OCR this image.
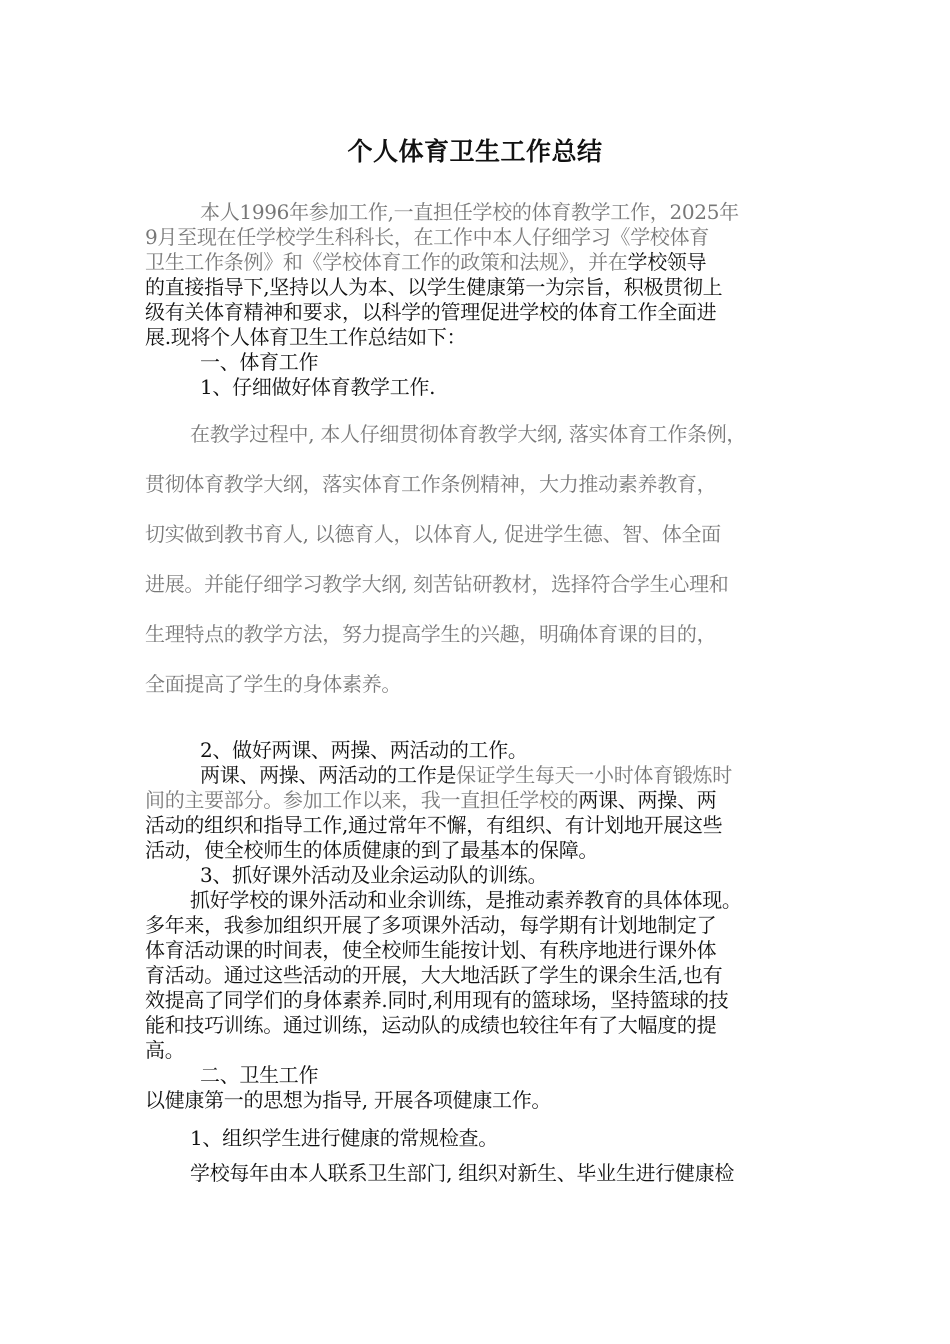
个人体育卫生工作总结
本人1996年参加工作,一直担任学校的体育教学工作，2025年
9月至现在任学校学生科科长，在工作中本人仔细学习《学校体育
卫生工作条例》和《学校体育工作的政策和法规》，并在学校领导
的直接指导下,坚持以人为本、以学生健康第一为宗旨，积极贯彻上
级有关体育精神和要求，以科学的管理促进学校的体育工作全面进
展.现将个人体育卫生工作总结如下：
一、体育工作
1、仔细做好体育教学工作.
在教学过程中, 本人仔细贯彻体育教学大纲, 落实体育工作条例，
贯彻体育教学大纲，落实体育工作条例精神，大力推动素养教育，
切实做到教书育人, 以德育人，以体育人, 促进学生德、智、体全面
进展。并能仔细学习教学大纲, 刻苦钻研教材，选择符合学生心理和
生理特点的教学方法，努力提高学生的兴趣，明确体育课的目的，
全面提高了学生的身体素养。
2、做好两课、两操、两活动的工作。
两课、两操、两活动的工作是保证学生每天一小时体育锻炼时
间的主要部分。参加工作以来，我一直担任学校的两课、两操、两
活动的组织和指导工作,通过常年不懈，有组织、有计划地开展这些
活动，使全校师生的体质健康的到了最基本的保障。
3、抓好课外活动及业余运动队的训练。
抓好学校的课外活动和业余训练，是推动素养教育的具体体现。
多年来，我参加组织开展了多项课外活动，每学期有计划地制定了
体育活动课的时间表，使全校师生能按计划、有秩序地进行课外体
育活动。通过这些活动的开展，大大地活跃了学生的课余生活,也有
效提高了同学们的身体素养.同时,利用现有的篮球场，坚持篮球的技
能和技巧训练。通过训练，运动队的成绩也较往年有了大幅度的提
高。
二、卫生工作
以健康第一的思想为指导, 开展各项健康工作。
1、组织学生进行健康的常规检查。
学校每年由本人联系卫生部门, 组织对新生、毕业生进行健康检
